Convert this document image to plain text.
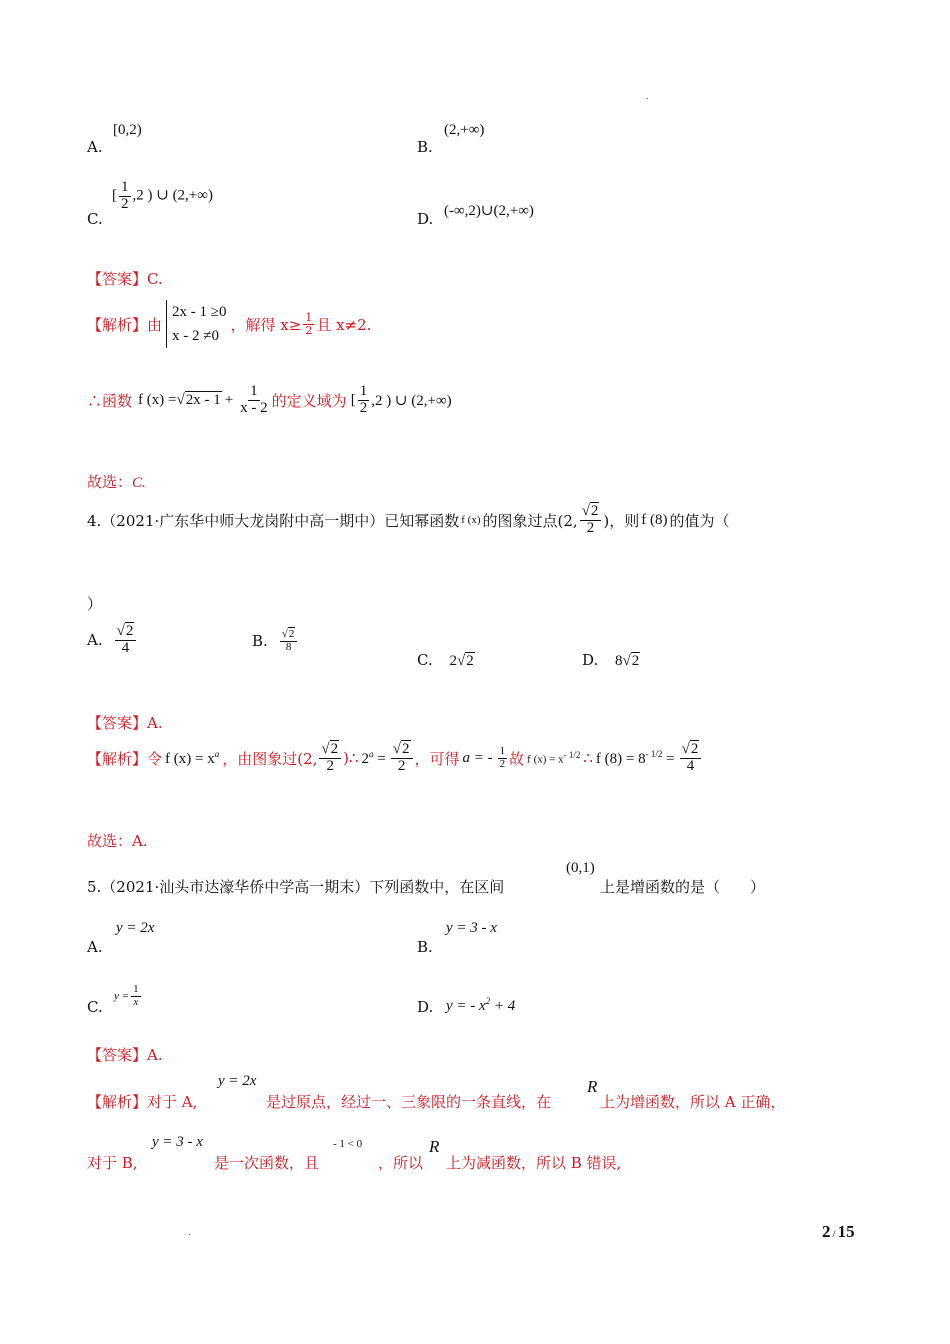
.
A.
[0,2)
B.
(2,+∞)
C.
[ $\frac{1}{2} ,2$ ) ∪ (2,+∞)
D. (-∞,2)∪(2,+∞)
【答案】C.
【解析】 由
2x - 1 ≥0
x - 2 ≠0
，解得 $x\ge \frac{1}{2}$ 且 x≠2.
∴函数 f $(x) = √2x - 1 + \frac{1}{x - 2}$ 的定义域为 [ $\frac{1}{2} ,2$ ) ∪ (2,+∞)
故选：C.
4.（2021·广东华中师大龙岗附中高一期中）已知幂函数 f (x) 的图象过点(2, $\frac{√2}{2}$ )，则 f (8) 的值为（
）
A. $\frac{√2}{4}$	B. $\frac{√2}{8}$
C. 2√2	D. 8√2
【答案】A.
【解析】 令 f $(x) = x^a$ ，由图象过(2, $\frac{√2}{2}$ )∴ $2^a = \frac{√2}{2}$ ，可得 a = - $\frac{1}{2}$ 故 f $(x) = x^{- 1/2}$ ∴ f $(8) = 8^{- 1/2} = \frac{√2}{4}$
故选：A.
5.（2021·汕头市达濠华侨中学高一期末）下列函数中，在区间
(0,1)
上是增函数的是（　　）
A.
y = 2x
B.
y = 3 - x
C.
$y = \frac{1}{x}$	D. y = - $x^2 + 4$
【答案】A.
【解析】对于 A,
y = 2x
是过原点，经过一、三象限的一条直线，在
R
上为增函数，所以 A 正确，
对于 B,
y = 3 - x
是一次函数，且
- 1 < 0
，所以
R
上为减函数，所以 B 错误,
.	2 / 15
